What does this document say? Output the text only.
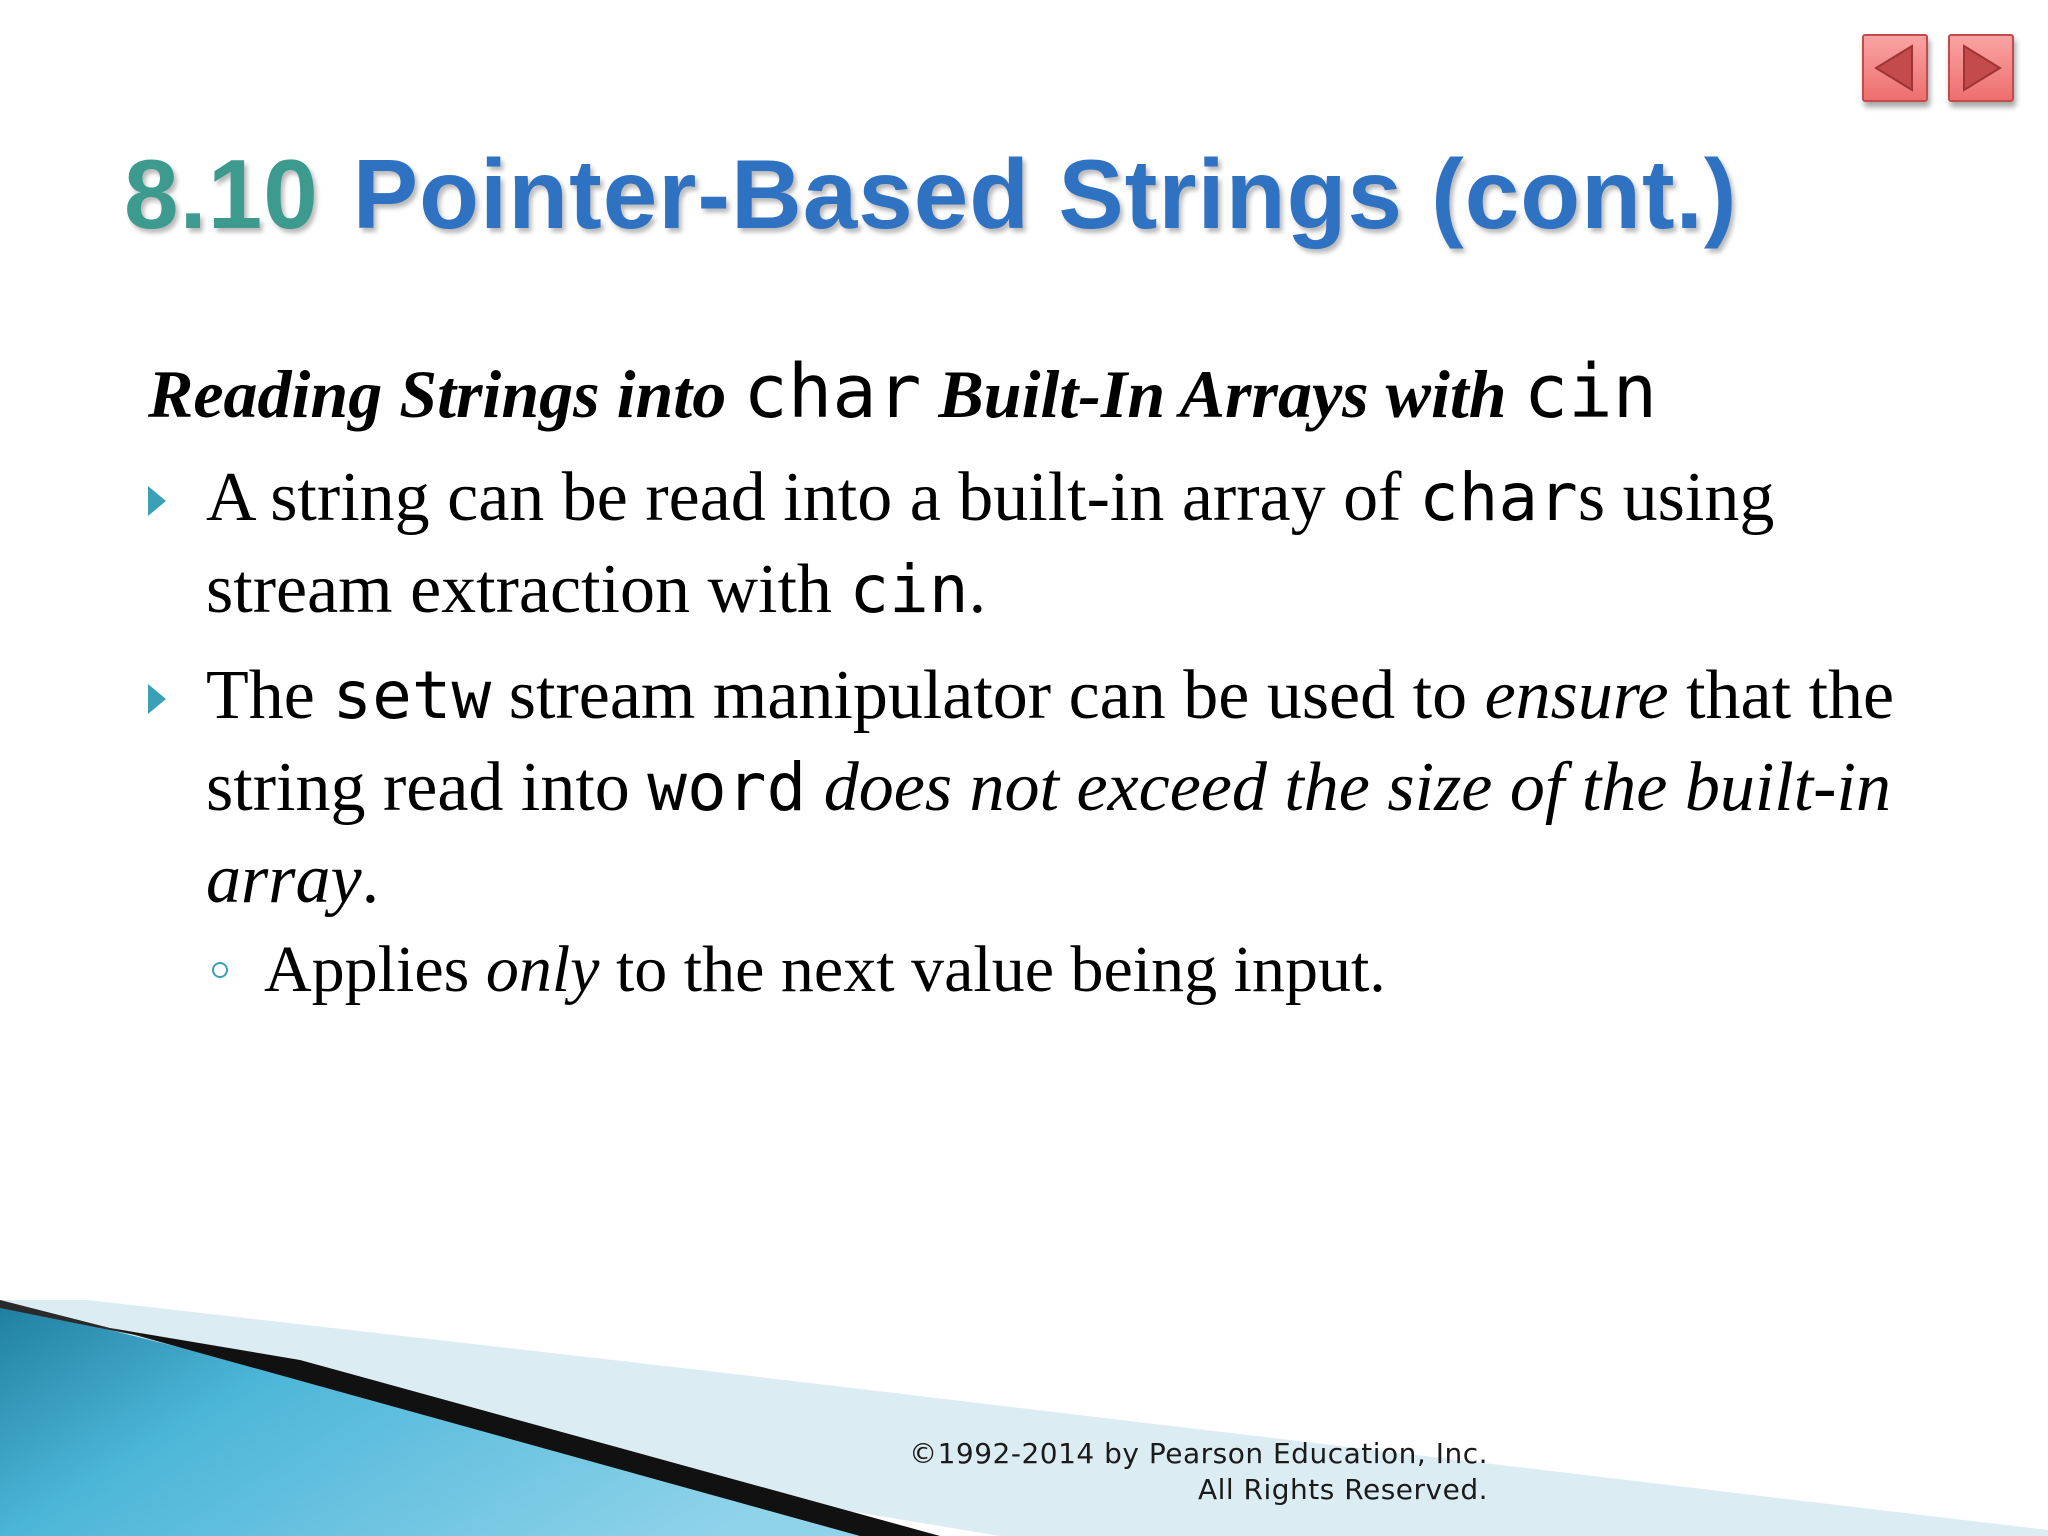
8.10 Pointer-Based Strings (cont.)
Reading Strings into char Built-In Arrays with cin
A string can be read into a built-in array of chars using stream extraction with cin.
The setw stream manipulator can be used to ensure that the string read into word does not exceed the size of the built-in array.
Applies only to the next value being input.
©1992-2014 by Pearson Education, Inc.
All Rights Reserved.
